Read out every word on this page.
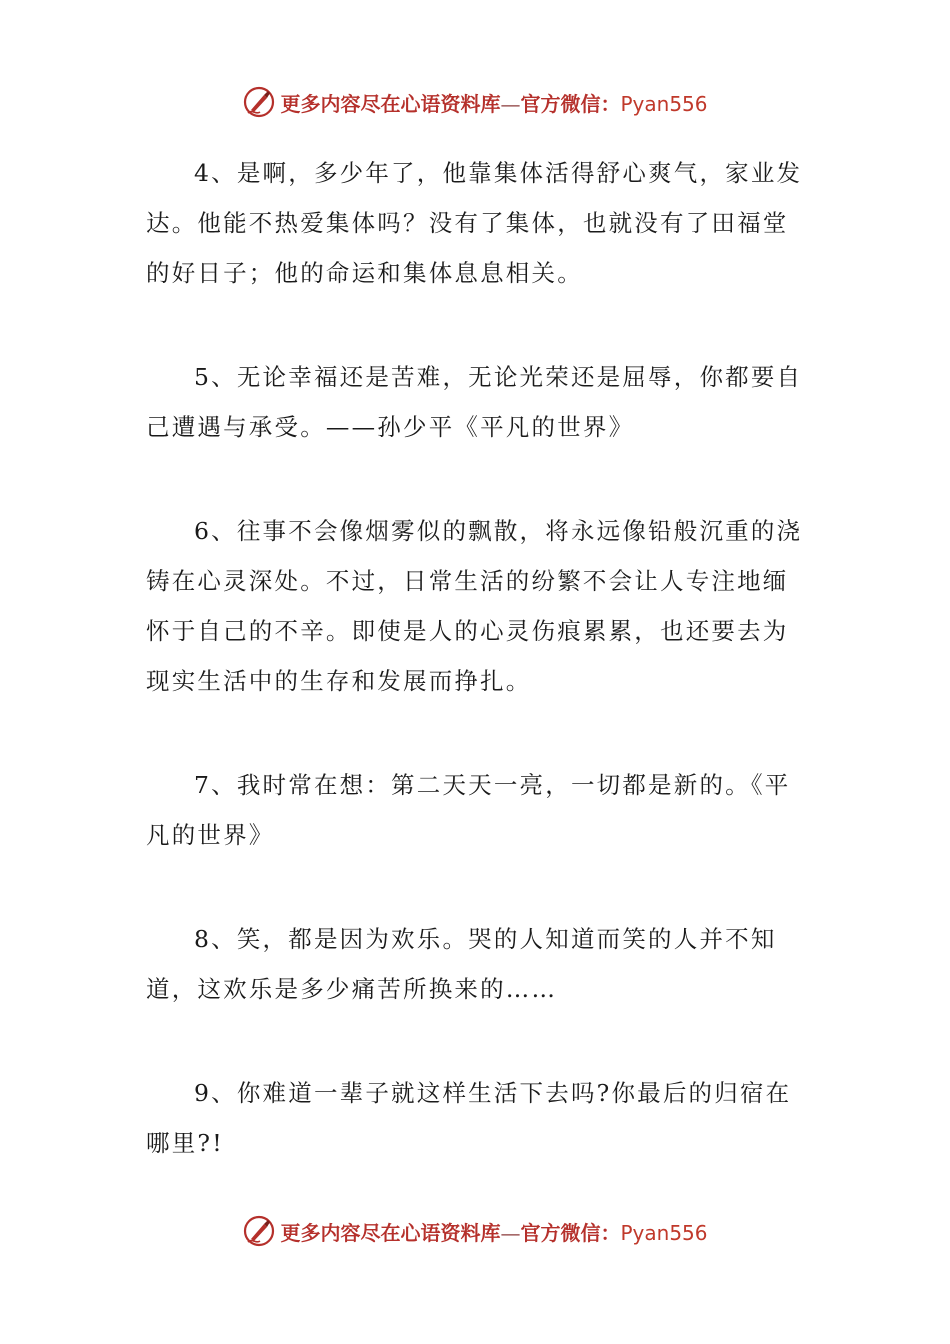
更多内容尽在心语资料库—官方微信：Pyan556

4、是啊，多少年了，他靠集体活得舒心爽气，家业发达。他能不热爱集体吗？没有了集体，也就没有了田福堂的好日子；他的命运和集体息息相关。

5、无论幸福还是苦难，无论光荣还是屈辱，你都要自己遭遇与承受。——孙少平《平凡的世界》

6、往事不会像烟雾似的飘散，将永远像铅般沉重的浇铸在心灵深处。不过，日常生活的纷繁不会让人专注地缅怀于自己的不辛。即使是人的心灵伤痕累累，也还要去为现实生活中的生存和发展而挣扎。

7、我时常在想：第二天天一亮，一切都是新的。《平凡的世界》

8、笑，都是因为欢乐。哭的人知道而笑的人并不知道，这欢乐是多少痛苦所换来的……

9、你难道一辈子就这样生活下去吗?你最后的归宿在哪里?!

更多内容尽在心语资料库—官方微信：Pyan556
